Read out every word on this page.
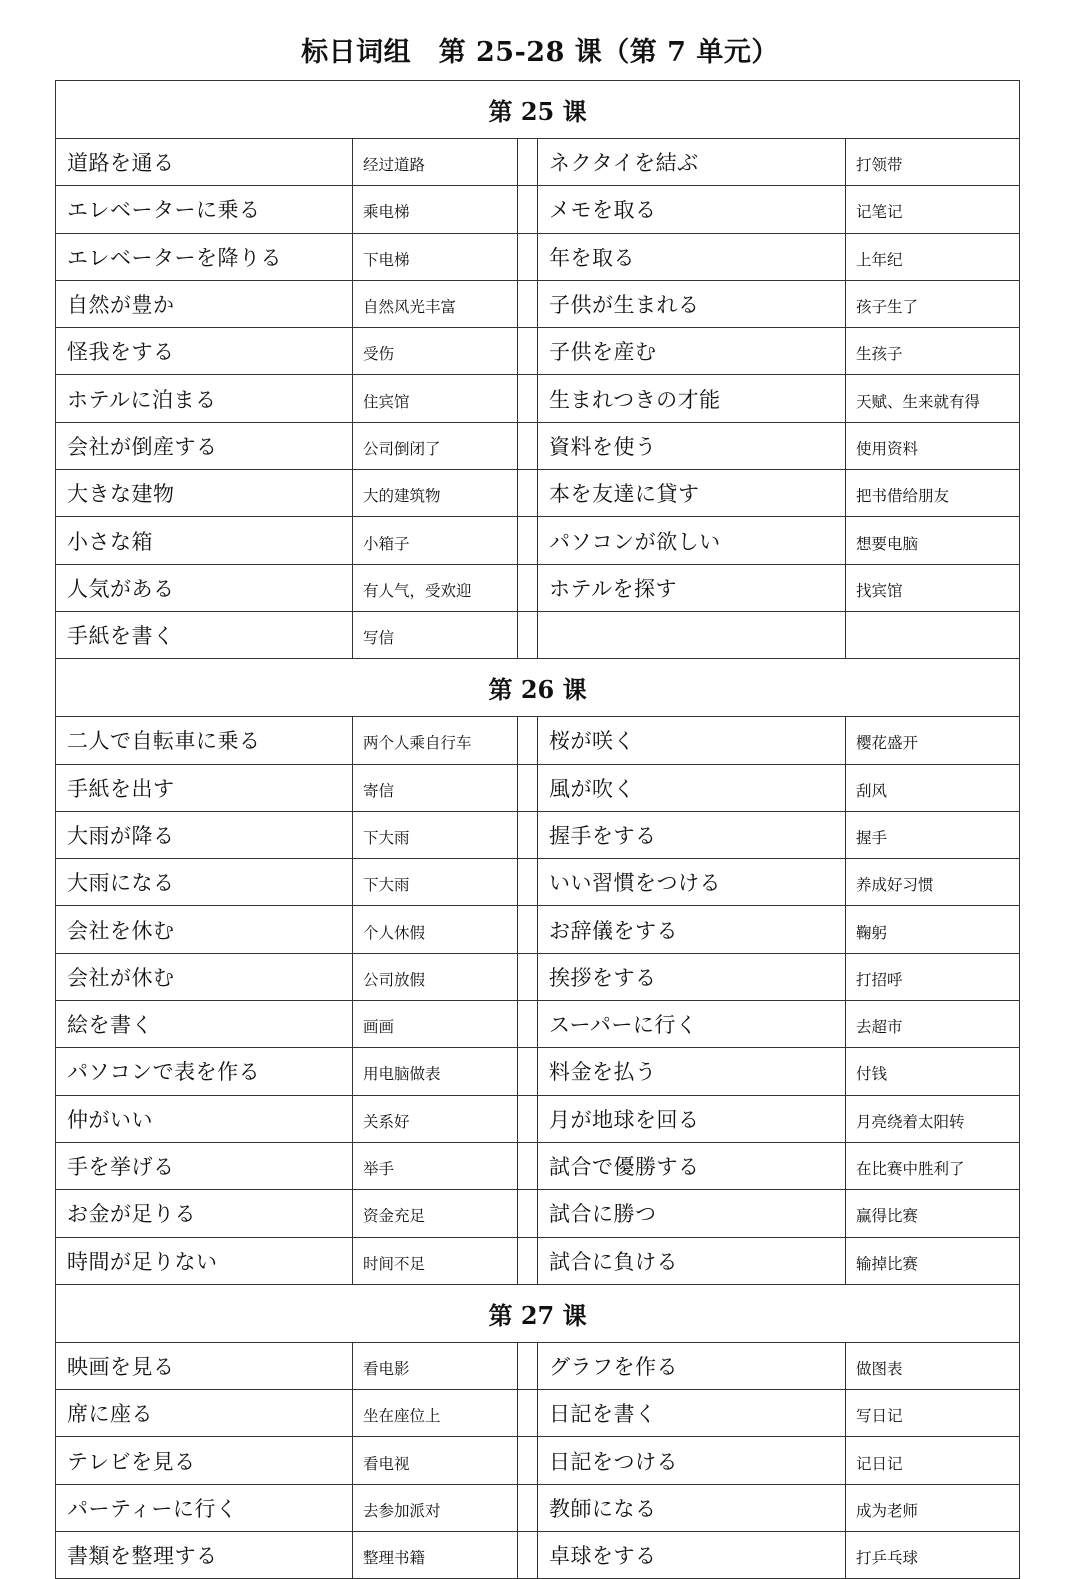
标日词组　第 25-28 课（第 7 单元）
第 25 课				
道路を通る	经过道路		ネクタイを結ぶ	打领带
エレベーターに乗る	乘电梯		メモを取る	记笔记
エレベーターを降りる	下电梯		年を取る	上年纪
自然が豊か	自然风光丰富		子供が生まれる	孩子生了
怪我をする	受伤		子供を産む	生孩子
ホテルに泊まる	住宾馆		生まれつきの才能	天赋、生来就有得
会社が倒産する	公司倒闭了		資料を使う	使用资料
大きな建物	大的建筑物		本を友達に貸す	把书借给朋友
小さな箱	小箱子		パソコンが欲しい	想要电脑
人気がある	有人气，受欢迎		ホテルを探す	找宾馆
手紙を書く	写信			
第 26 课				
二人で自転車に乗る	两个人乘自行车		桜が咲く	樱花盛开
手紙を出す	寄信		風が吹く	刮风
大雨が降る	下大雨		握手をする	握手
大雨になる	下大雨		いい習慣をつける	养成好习惯
会社を休む	个人休假		お辞儀をする	鞠躬
会社が休む	公司放假		挨拶をする	打招呼
絵を書く	画画		スーパーに行く	去超市
パソコンで表を作る	用电脑做表		料金を払う	付钱
仲がいい	关系好		月が地球を回る	月亮绕着太阳转
手を挙げる	举手		試合で優勝する	在比赛中胜利了
お金が足りる	资金充足		試合に勝つ	赢得比赛
時間が足りない	时间不足		試合に負ける	输掉比赛
第 27 课				
映画を見る	看电影		グラフを作る	做图表
席に座る	坐在座位上		日記を書く	写日记
テレビを見る	看电视		日記をつける	记日记
パーティーに行く	去参加派对		教師になる	成为老师
書類を整理する	整理书籍		卓球をする	打乒乓球
